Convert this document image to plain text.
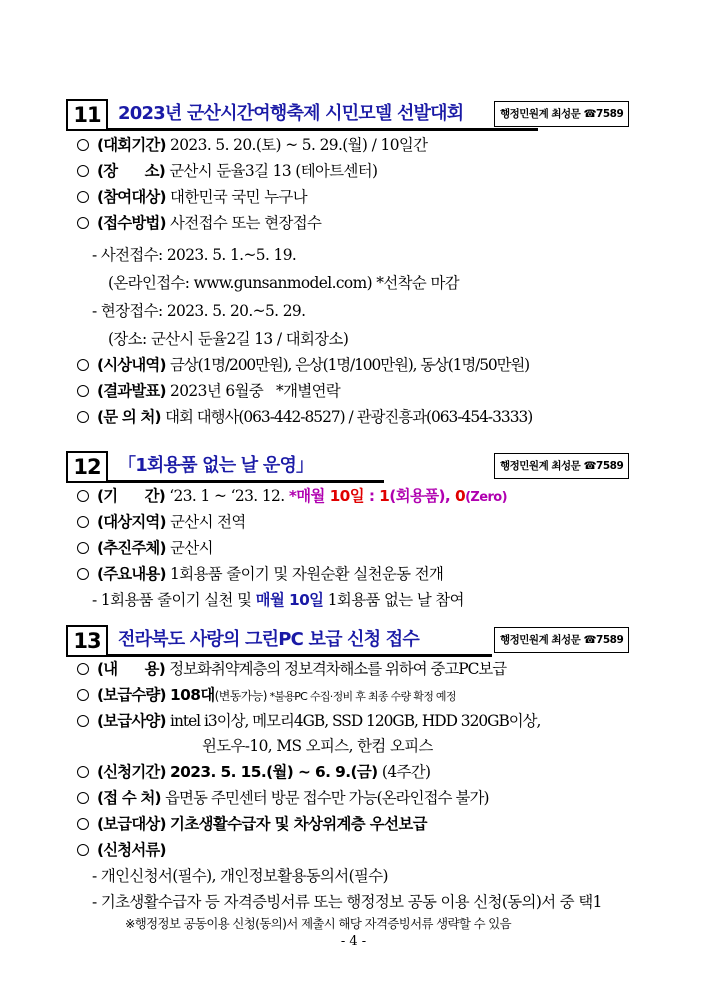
11 2023년 군산시간여행축제 시민모델 선발대회	행정민원계 최성문 ☎7589
(대회기간) 2023. 5. 20.(토) ~ 5. 29.(월) / 10일간
(장      소) 군산시 둔율3길 13 (테아트센터)
(참여대상) 대한민국 국민 누구나
(접수방법) 사전접수 또는 현장접수
- 사전접수: 2023. 5. 1.~5. 19.
(온라인접수: www.gunsanmodel.com) *선착순 마감
- 현장접수: 2023. 5. 20.~5. 29.
(장소: 군산시 둔율2길 13 / 대회장소)
(시상내역) 금상(1명/200만원), 은상(1명/100만원), 동상(1명/50만원)
(결과발표) 2023년 6월중   *개별연락
(문 의 처) 대회 대행사(063-442-8527) / 관광진흥과(063-454-3333)
12 「1회용품 없는 날 운영」	행정민원계 최성문 ☎7589
(기      간) ‘23. 1 ~ ‘23. 12. *매월 10일 : 1(회용품), 0(Zero)
(대상지역) 군산시 전역
(추진주체) 군산시
(주요내용) 1회용품 줄이기 및 자원순환 실천운동 전개
- 1회용품 줄이기 실천 및 매월 10일 1회용품 없는 날 참여
13 전라북도 사랑의 그린PC 보급 신청 접수	행정민원계 최성문 ☎7589
(내      용) 정보화취약계층의 정보격차해소를 위하여 중고PC보급
(보급수량) 108대(변동가능) *불용PC 수집·정비 후 최종 수량 확정 예정
(보급사양) intel i3이상, 메모리4GB, SSD 120GB, HDD 320GB이상,
윈도우-10, MS 오피스, 한컴 오피스
(신청기간) 2023. 5. 15.(월) ~ 6. 9.(금) (4주간)
(접 수 처) 읍면동 주민센터 방문 접수만 가능(온라인접수 불가)
(보급대상) 기초생활수급자 및 차상위계층 우선보급
(신청서류)
- 개인신청서(필수), 개인정보활용동의서(필수)
- 기초생활수급자 등 자격증빙서류 또는 행정정보 공동 이용 신청(동의)서 중 택1
※행정정보 공동이용 신청(동의)서 제출시 해당 자격증빙서류 생략할 수 있음
- 4 -
